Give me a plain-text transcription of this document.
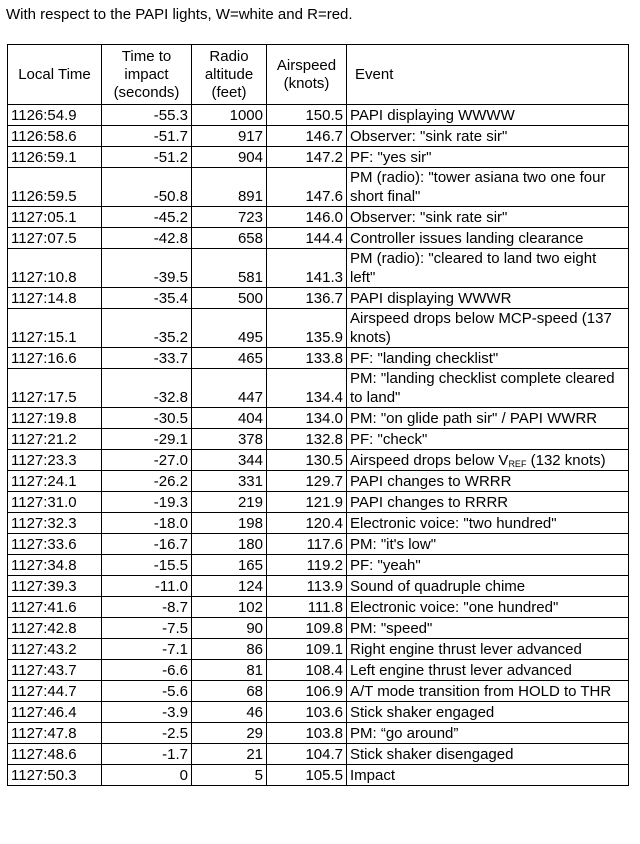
With respect to the PAPI lights, W=white and R=red.
Local Time	Time to impact (seconds)	Radio altitude (feet)	Airspeed (knots)	Event
1126:54.9	-55.3	1000	150.5	PAPI displaying WWWW
1126:58.6	-51.7	917	146.7	Observer: "sink rate sir"
1126:59.1	-51.2	904	147.2	PF: "yes sir"
1126:59.5	-50.8	891	147.6	PM (radio): "tower asiana two one four short final"
1127:05.1	-45.2	723	146.0	Observer: "sink rate sir"
1127:07.5	-42.8	658	144.4	Controller issues landing clearance
1127:10.8	-39.5	581	141.3	PM (radio): "cleared to land two eight left"
1127:14.8	-35.4	500	136.7	PAPI displaying WWWR
1127:15.1	-35.2	495	135.9	Airspeed drops below MCP-speed (137 knots)
1127:16.6	-33.7	465	133.8	PF: "landing checklist"
1127:17.5	-32.8	447	134.4	PM: "landing checklist complete cleared to land"
1127:19.8	-30.5	404	134.0	PM: "on glide path sir" / PAPI WWRR
1127:21.2	-29.1	378	132.8	PF: "check"
1127:23.3	-27.0	344	130.5	Airspeed drops below $V_{REF}$ (132 knots)
1127:24.1	-26.2	331	129.7	PAPI changes to WRRR
1127:31.0	-19.3	219	121.9	PAPI changes to RRRR
1127:32.3	-18.0	198	120.4	Electronic voice: "two hundred"
1127:33.6	-16.7	180	117.6	PM: "it's low"
1127:34.8	-15.5	165	119.2	PF: "yeah"
1127:39.3	-11.0	124	113.9	Sound of quadruple chime
1127:41.6	-8.7	102	111.8	Electronic voice: "one hundred"
1127:42.8	-7.5	90	109.8	PM: "speed"
1127:43.2	-7.1	86	109.1	Right engine thrust lever advanced
1127:43.7	-6.6	81	108.4	Left engine thrust lever advanced
1127:44.7	-5.6	68	106.9	A/T mode transition from HOLD to THR
1127:46.4	-3.9	46	103.6	Stick shaker engaged
1127:47.8	-2.5	29	103.8	PM: “go around”
1127:48.6	-1.7	21	104.7	Stick shaker disengaged
1127:50.3	0	5	105.5	Impact
